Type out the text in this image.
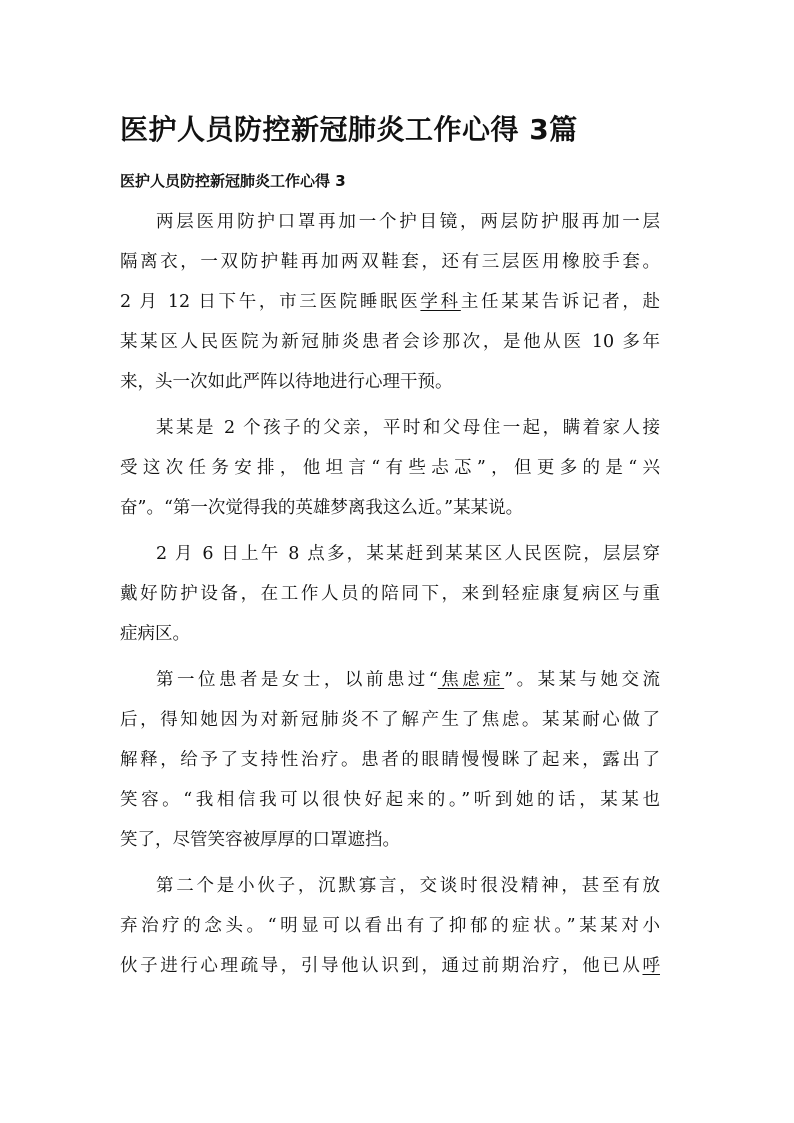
医护人员防控新冠肺炎工作心得 3篇
医护人员防控新冠肺炎工作心得 3
两层医用防护口罩再加一个护目镜，两层防护服再加一层
隔离衣，一双防护鞋再加两双鞋套，还有三层医用橡胶手套。
2 月 12 日下午，市三医院睡眠医学科主任某某告诉记者，赴
某某区人民医院为新冠肺炎患者会诊那次，是他从医 10 多年
来，头一次如此严阵以待地进行心理干预。
某某是 2 个孩子的父亲，平时和父母住一起，瞒着家人接
受这次任务安排，他坦言“有些忐忑”，但更多的是“兴
奋”。“第一次觉得我的英雄梦离我这么近。”某某说。
2 月 6 日上午 8 点多，某某赶到某某区人民医院，层层穿
戴好防护设备，在工作人员的陪同下，来到轻症康复病区与重
症病区。
第一位患者是女士，以前患过“焦虑症”。某某与她交流
后，得知她因为对新冠肺炎不了解产生了焦虑。某某耐心做了
解释，给予了支持性治疗。患者的眼睛慢慢眯了起来，露出了
笑容。“我相信我可以很快好起来的。”听到她的话，某某也
笑了，尽管笑容被厚厚的口罩遮挡。
第二个是小伙子，沉默寡言，交谈时很没精神，甚至有放
弃治疗的念头。“明显可以看出有了抑郁的症状。”某某对小
伙子进行心理疏导，引导他认识到，通过前期治疗，他已从呼
